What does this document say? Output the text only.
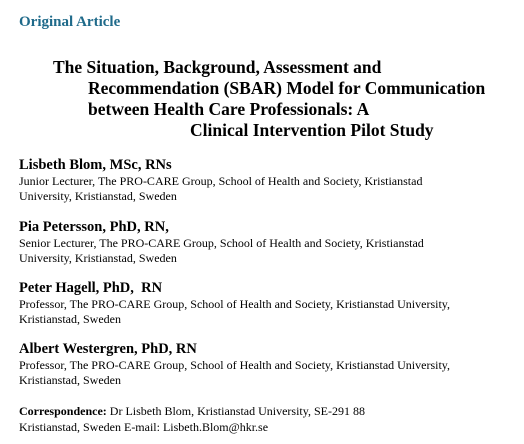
Original Article
The Situation, Background, Assessment and
Recommendation (SBAR) Model for Communication
between Health Care Professionals: A
Clinical Intervention Pilot Study
Lisbeth Blom, MSc, RNs
Junior Lecturer, The PRO-CARE Group, School of Health and Society, Kristianstad
University, Kristianstad, Sweden
Pia Petersson, PhD, RN,
Senior Lecturer, The PRO-CARE Group, School of Health and Society, Kristianstad
University, Kristianstad, Sweden
Peter Hagell, PhD,  RN
Professor, The PRO-CARE Group, School of Health and Society, Kristianstad University,
Kristianstad, Sweden
Albert Westergren, PhD, RN
Professor, The PRO-CARE Group, School of Health and Society, Kristianstad University,
Kristianstad, Sweden
Correspondence: Dr Lisbeth Blom, Kristianstad University, SE-291 88
Kristianstad, Sweden E-mail: Lisbeth.Blom@hkr.se
